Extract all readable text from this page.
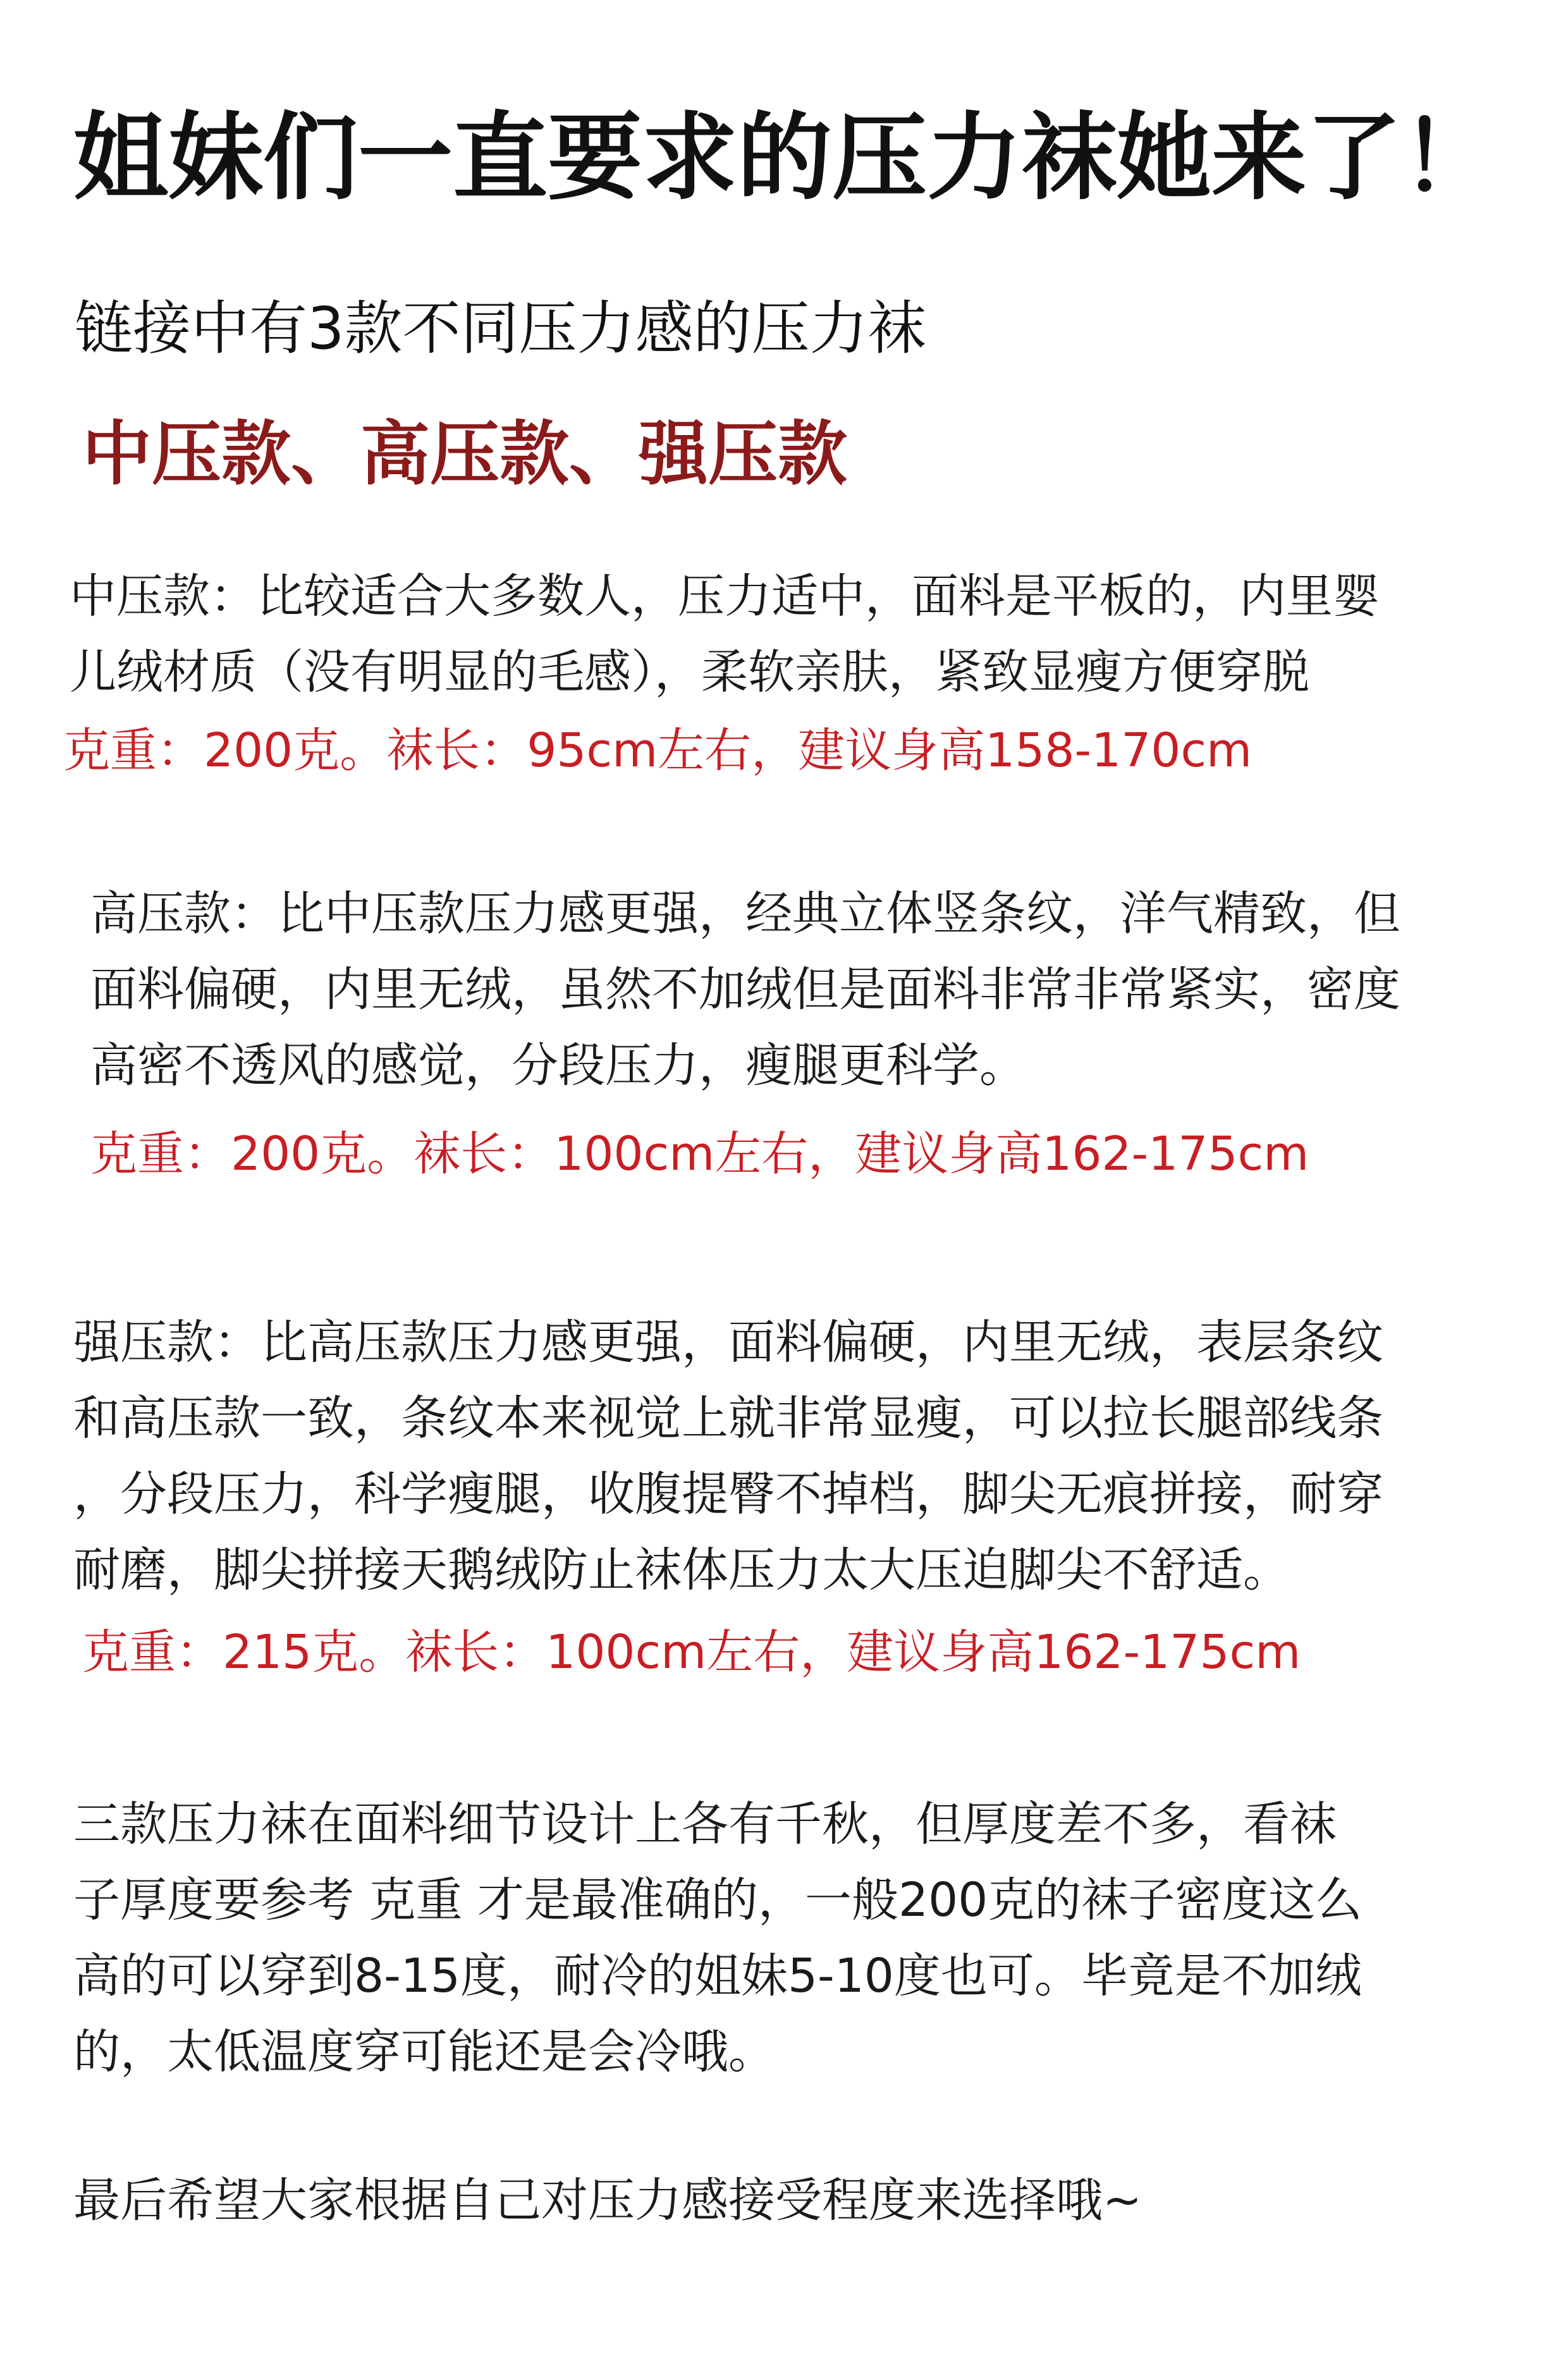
姐妹们一直要求的压力袜她来了！

链接中有3款不同压力感的压力袜

中压款、高压款、强压款

中压款：比较适合大多数人，压力适中，面料是平板的，内里婴
儿绒材质（没有明显的毛感），柔软亲肤，紧致显瘦方便穿脱

克重：200克。袜长：95cm左右，建议身高158-170cm

高压款：比中压款压力感更强，经典立体竖条纹，洋气精致，但
面料偏硬，内里无绒，虽然不加绒但是面料非常非常紧实，密度
高密不透风的感觉，分段压力，瘦腿更科学。

克重：200克。袜长：100cm左右，建议身高162-175cm

强压款：比高压款压力感更强，面料偏硬，内里无绒，表层条纹
和高压款一致，条纹本来视觉上就非常显瘦，可以拉长腿部线条
，分段压力，科学瘦腿，收腹提臀不掉档，脚尖无痕拼接，耐穿
耐磨，脚尖拼接天鹅绒防止袜体压力太大压迫脚尖不舒适。

克重：215克。袜长：100cm左右，建议身高162-175cm

三款压力袜在面料细节设计上各有千秋，但厚度差不多，看袜
子厚度要参考 克重 才是最准确的，一般200克的袜子密度这么
高的可以穿到8-15度，耐冷的姐妹5-10度也可。毕竟是不加绒
的，太低温度穿可能还是会冷哦。

最后希望大家根据自己对压力感接受程度来选择哦~
